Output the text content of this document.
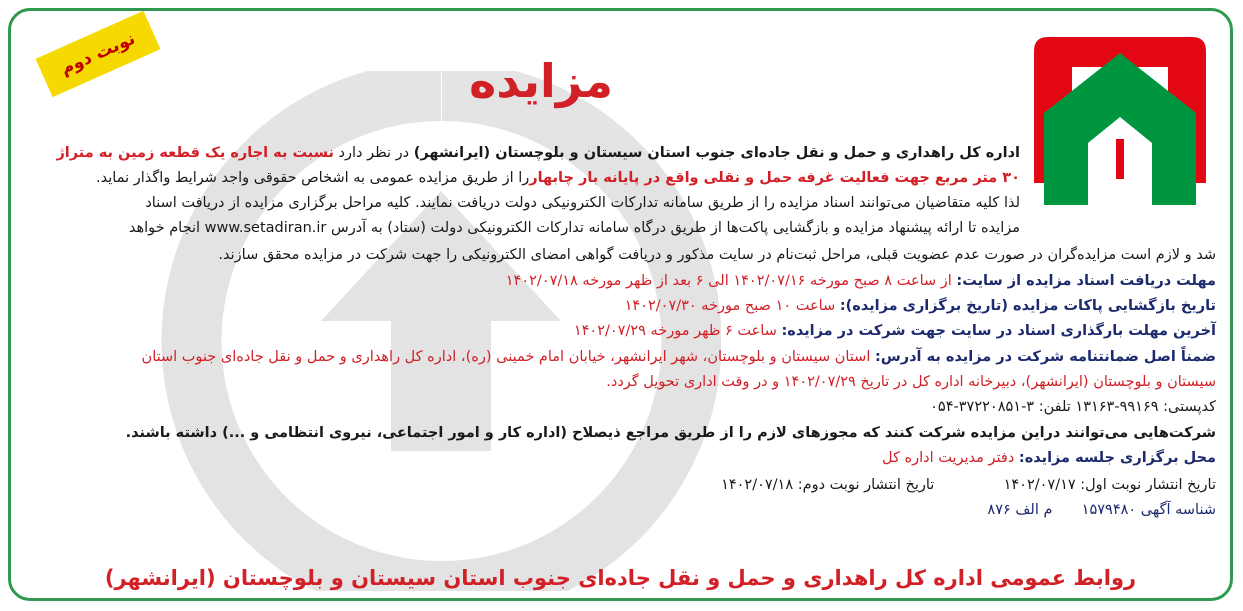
نوبت دوم	مزایده
اداره کل راهداری و حمل و نقل جاده‌ای جنوب استان سیستان و بلوچستان (ایرانشهر) در نظر دارد نسبت به اجاره یک قطعه زمین به متراژ
۳۰ متر مربع جهت فعالیت غرفه حمل و نقلی واقع در پایانه بار چابهاررا از طریق مزایده عمومی به اشخاص حقوقی واجد شرایط واگذار نماید.
لذا کلیه متقاضیان می‌توانند اسناد مزایده را از طریق سامانه تدارکات الکترونیکی دولت دریافت نمایند. کلیه مراحل برگزاری مزایده از دریافت اسناد
مزایده تا ارائه پیشنهاد مزایده و بازگشایی پاکت‌ها از طریق درگاه سامانه تدارکات الکترونیکی دولت (ستاد) به آدرس www.setadiran.ir انجام خواهد
شد و لازم است مزایده‌گران در صورت عدم عضویت قبلی، مراحل ثبت‌نام در سایت مذکور و دریافت گواهی امضای الکترونیکی را جهت شرکت در مزایده محقق سازند.
مهلت دریافت اسناد مزایده از سایت: از ساعت ۸ صبح مورخه ۱۴۰۲/۰۷/۱۶ الی ۶ بعد از ظهر مورخه ۱۴۰۲/۰۷/۱۸
تاریخ بازگشایی پاکات مزایده (تاریخ برگزاری مزایده): ساعت ۱۰ صبح مورخه ۱۴۰۲/۰۷/۳۰
آخرین مهلت بارگذاری اسناد در سایت جهت شرکت در مزایده: ساعت ۶ ظهر مورخه ۱۴۰۲/۰۷/۲۹
ضمناً اصل ضمانتنامه شرکت در مزایده به آدرس: استان سیستان و بلوچستان، شهر ایرانشهر، خیابان امام خمینی (ره)، اداره کل راهداری و حمل و نقل جاده‌ای جنوب استان
سیستان و بلوچستان (ایرانشهر)، دبیرخانه اداره کل در تاریخ ۱۴۰۲/۰۷/۲۹ و در وقت اداری تحویل گردد.
کدپستی: ۹۹۱۶۹-۱۳۱۶۳ تلفن: ۳-۳۷۲۲۰۸۵۱-۰۵۴
شرکت‌هایی می‌توانند دراین مزایده شرکت کنند که مجوزهای لازم را از طریق مراجع ذیصلاح (اداره کار و امور اجتماعی، نیروی انتظامی و ...) داشته باشند.
محل برگزاری جلسه مزایده: دفتر مدیریت اداره کل
تاریخ انتشار نوبت اول: ۱۴۰۲/۰۷/۱۷  تاریخ انتشار نوبت دوم: ۱۴۰۲/۰۷/۱۸
شناسه آگهی ۱۵۷۹۴۸۰  م الف ۸۷۶
روابط عمومی اداره کل راهداری و حمل و نقل جاده‌ای جنوب استان سیستان و بلوچستان (ایرانشهر)
